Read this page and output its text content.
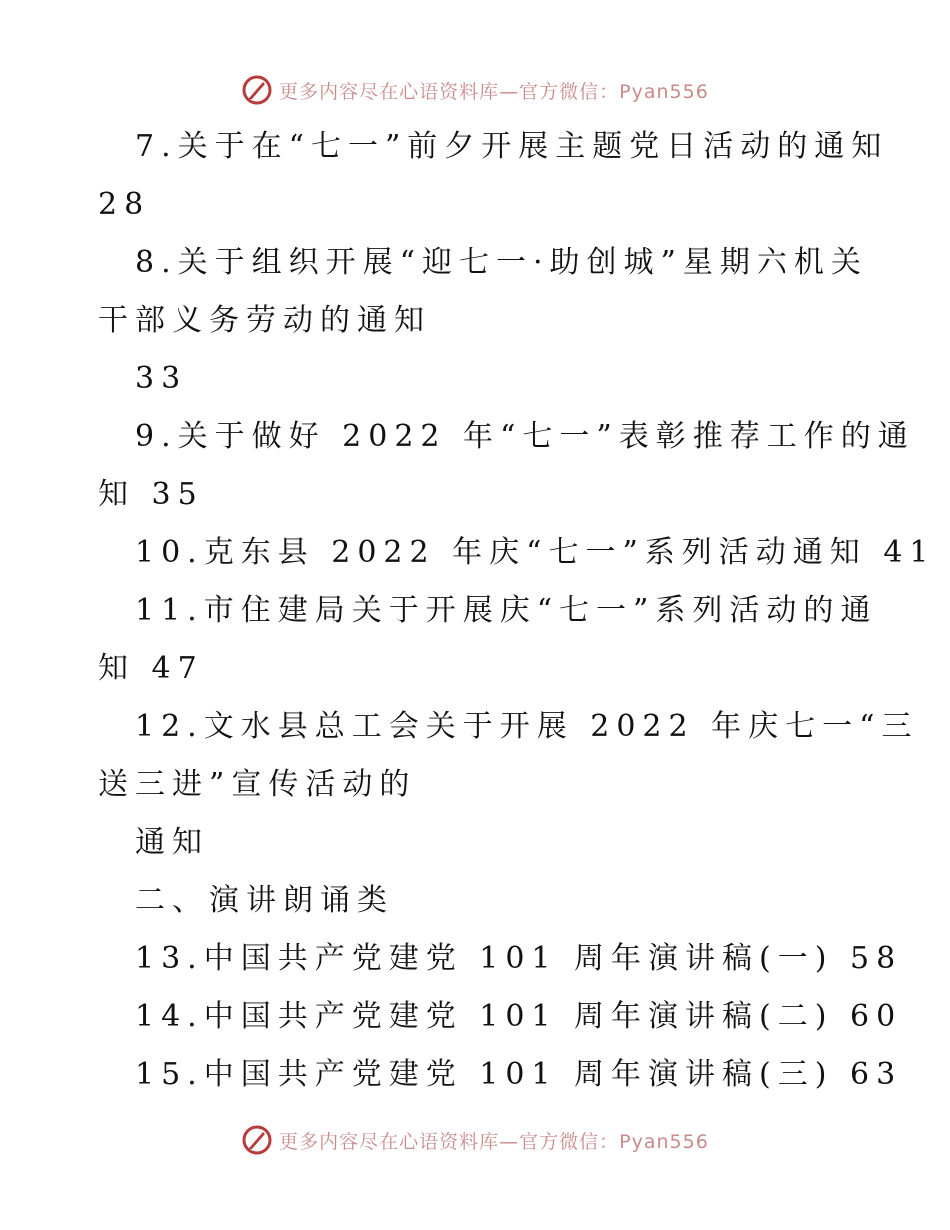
更多内容尽在心语资料库—官方微信：Pyan556
7.关于在“七一”前夕开展主题党日活动的通知
28
8.关于组织开展“迎七一·助创城”星期六机关
干部义务劳动的通知
33
9.关于做好 2022 年“七一”表彰推荐工作的通
知 35
10.克东县 2022 年庆“七一”系列活动通知 41
11.市住建局关于开展庆“七一”系列活动的通
知 47
12.文水县总工会关于开展 2022 年庆七一“三
送三进”宣传活动的
通知
二、演讲朗诵类
13.中国共产党建党 101 周年演讲稿(一) 58
14.中国共产党建党 101 周年演讲稿(二) 60
15.中国共产党建党 101 周年演讲稿(三) 63
更多内容尽在心语资料库—官方微信：Pyan556
